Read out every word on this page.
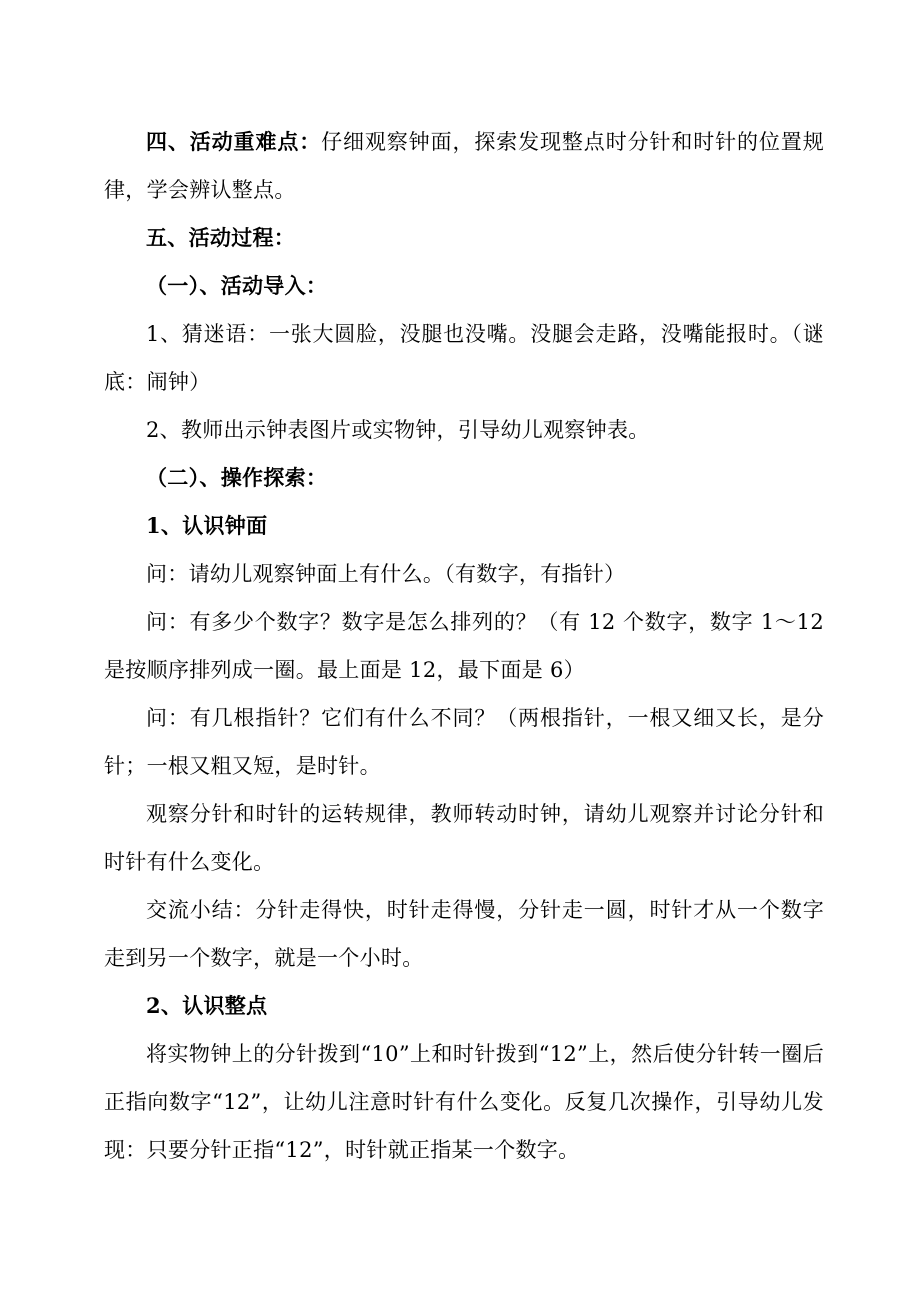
四、活动重难点：仔细观察钟面，探索发现整点时分针和时针的位置规律，学会辨认整点。

五、活动过程：

（一）、活动导入：

1、猜迷语：一张大圆脸，没腿也没嘴。没腿会走路，没嘴能报时。（谜底：闹钟）

2、教师出示钟表图片或实物钟，引导幼儿观察钟表。

（二）、操作探索：

1、认识钟面

问：请幼儿观察钟面上有什么。（有数字，有指针）

问：有多少个数字？数字是怎么排列的？（有 12 个数字，数字 1～12 是按顺序排列成一圈。最上面是 12，最下面是 6）

问：有几根指针？它们有什么不同？（两根指针，一根又细又长，是分针；一根又粗又短，是时针。

观察分针和时针的运转规律，教师转动时钟，请幼儿观察并讨论分针和时针有什么变化。

交流小结：分针走得快，时针走得慢，分针走一圆，时针才从一个数字走到另一个数字，就是一个小时。

2、认识整点

将实物钟上的分针拨到“10”上和时针拨到“12”上，然后使分针转一圈后正指向数字“12”，让幼儿注意时针有什么变化。反复几次操作，引导幼儿发现：只要分针正指“12”，时针就正指某一个数字。
